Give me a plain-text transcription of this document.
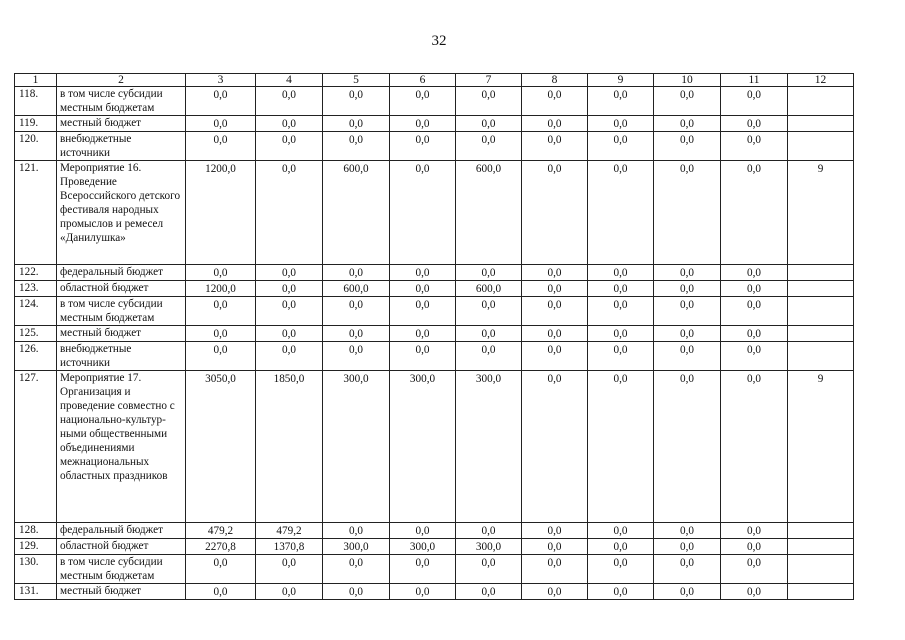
32
1	2	3	4	5	6	7	8	9	10	11	12
118.	в том числе субсидии местным бюджетам	0,0	0,0	0,0	0,0	0,0	0,0	0,0	0,0	0,0	
119.	местный бюджет	0,0	0,0	0,0	0,0	0,0	0,0	0,0	0,0	0,0	
120.	внебюджетные источники	0,0	0,0	0,0	0,0	0,0	0,0	0,0	0,0	0,0	
121.	Мероприятие 16. Проведение Всероссийского детского фестиваля народных промыслов и ремесел «Данилушка»	1200,0	0,0	600,0	0,0	600,0	0,0	0,0	0,0	0,0	9
122.	федеральный бюджет	0,0	0,0	0,0	0,0	0,0	0,0	0,0	0,0	0,0	
123.	областной бюджет	1200,0	0,0	600,0	0,0	600,0	0,0	0,0	0,0	0,0	
124.	в том числе субсидии местным бюджетам	0,0	0,0	0,0	0,0	0,0	0,0	0,0	0,0	0,0	
125.	местный бюджет	0,0	0,0	0,0	0,0	0,0	0,0	0,0	0,0	0,0	
126.	внебюджетные источники	0,0	0,0	0,0	0,0	0,0	0,0	0,0	0,0	0,0	
127.	Мероприятие 17. Организация и проведение совместно с национально-культур-ными общественными объединениями межнациональных областных праздников	3050,0	1850,0	300,0	300,0	300,0	0,0	0,0	0,0	0,0	9
128.	федеральный бюджет	479,2	479,2	0,0	0,0	0,0	0,0	0,0	0,0	0,0	
129.	областной бюджет	2270,8	1370,8	300,0	300,0	300,0	0,0	0,0	0,0	0,0	
130.	в том числе субсидии местным бюджетам	0,0	0,0	0,0	0,0	0,0	0,0	0,0	0,0	0,0	
131.	местный бюджет	0,0	0,0	0,0	0,0	0,0	0,0	0,0	0,0	0,0	
